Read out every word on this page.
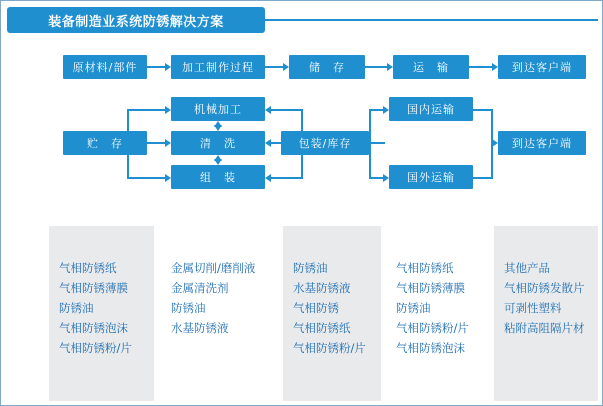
装备制造业系统防锈解决方案
原材料/部件	加工制作过程	储　存	运　输	到达客户端
机械加工	国内运输
到达客户端
贮　存	清　洗	包装/库存
组　装	国外运输
气相防锈纸
气相防锈薄膜
防锈油
气相防锈泡沫
气相防锈粉/片
金属切削/磨削液
金属清洗剂
防锈油
水基防锈液
防锈油
水基防锈液
气相防锈
气相防锈纸
气相防锈粉/片
气相防锈纸
气相防锈薄膜
防锈油
气相防锈粉/片
气相防锈泡沫
其他产品
气相防锈发散片
可剥性塑料
粘附高阻隔片材
